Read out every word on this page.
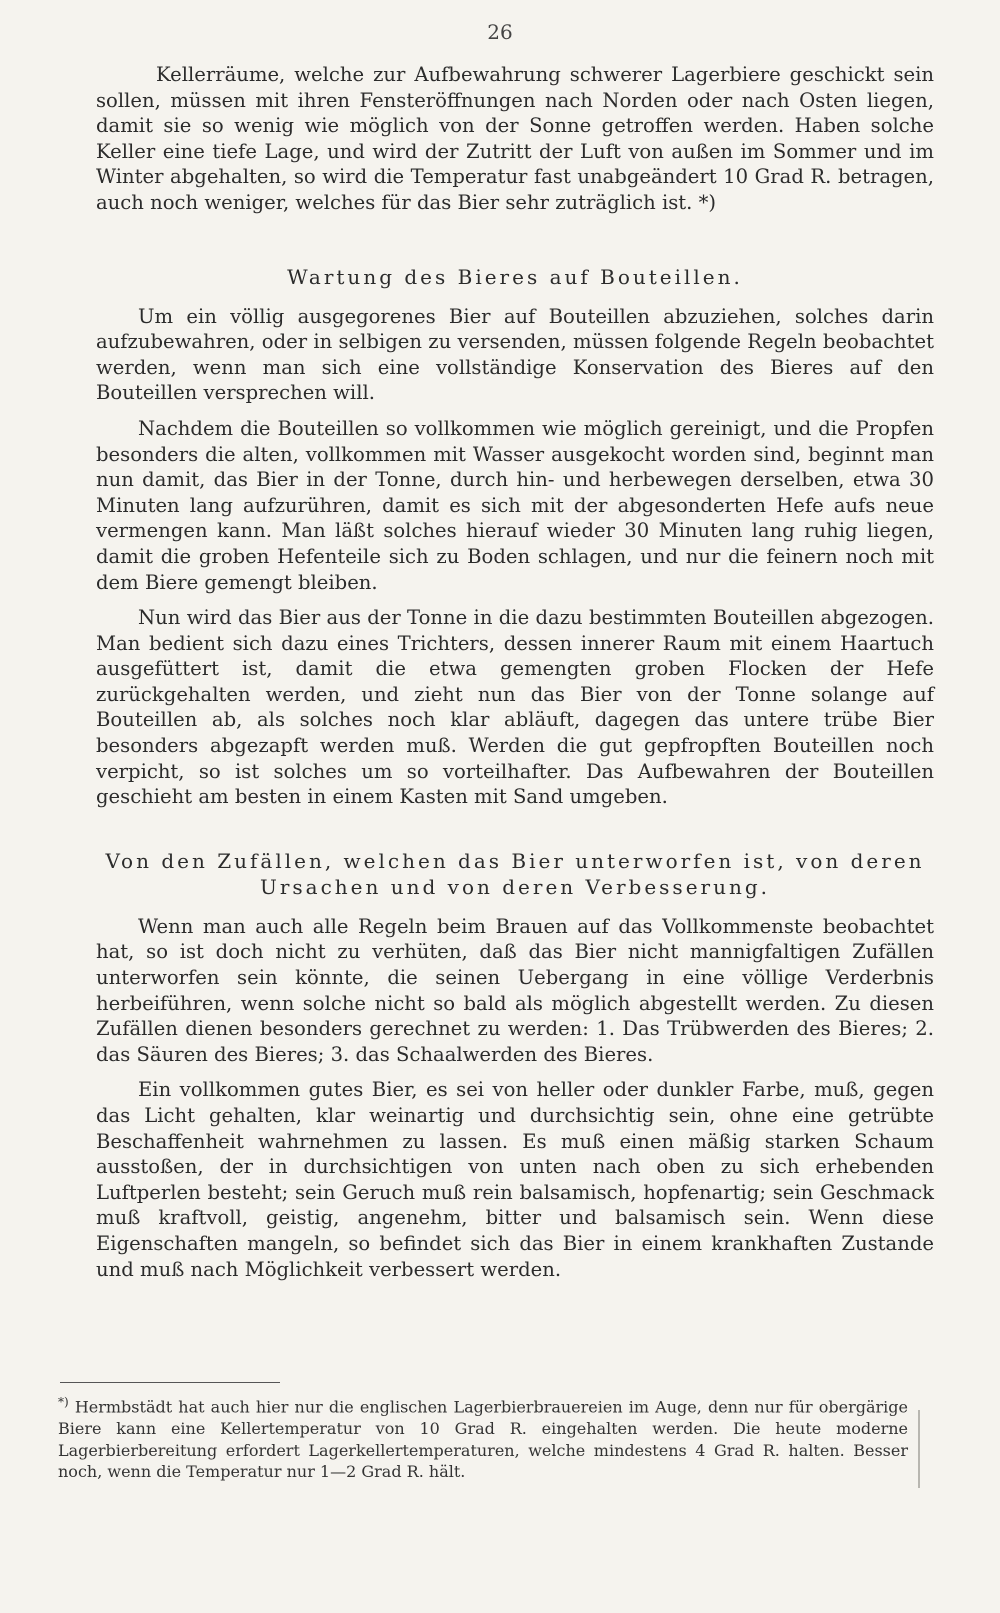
26

Kellerräume, welche zur Aufbewahrung schwerer Lagerbiere geschickt sein sollen, müssen mit ihren Fensteröffnungen nach Norden oder nach Osten liegen, damit sie so wenig wie möglich von der Sonne getroffen werden. Haben solche Keller eine tiefe Lage, und wird der Zutritt der Luft von außen im Sommer und im Winter abgehalten, so wird die Temperatur fast unabgeändert 10 Grad R. betragen, auch noch weniger, welches für das Bier sehr zuträglich ist. *)

Wartung des Bieres auf Bouteillen.

Um ein völlig ausgegorenes Bier auf Bouteillen abzuziehen, solches darin aufzubewahren, oder in selbigen zu versenden, müssen folgende Regeln beobachtet werden, wenn man sich eine vollständige Konservation des Bieres auf den Bouteillen versprechen will.

Nachdem die Bouteillen so vollkommen wie möglich gereinigt, und die Propfen besonders die alten, vollkommen mit Wasser ausgekocht worden sind, beginnt man nun damit, das Bier in der Tonne, durch hin- und herbewegen derselben, etwa 30 Minuten lang aufzurühren, damit es sich mit der abgesonderten Hefe aufs neue vermengen kann. Man läßt solches hierauf wieder 30 Minuten lang ruhig liegen, damit die groben Hefenteile sich zu Boden schlagen, und nur die feinern noch mit dem Biere gemengt bleiben.

Nun wird das Bier aus der Tonne in die dazu bestimmten Bouteillen abgezogen. Man bedient sich dazu eines Trichters, dessen innerer Raum mit einem Haartuch ausgefüttert ist, damit die etwa gemengten groben Flocken der Hefe zurückgehalten werden, und zieht nun das Bier von der Tonne solange auf Bouteillen ab, als solches noch klar abläuft, dagegen das untere trübe Bier besonders abgezapft werden muß. Werden die gut gepfropften Bouteillen noch verpicht, so ist solches um so vorteilhafter. Das Aufbewahren der Bouteillen geschieht am besten in einem Kasten mit Sand umgeben.

Von den Zufällen, welchen das Bier unterworfen ist, von deren
Ursachen und von deren Verbesserung.

Wenn man auch alle Regeln beim Brauen auf das Vollkommenste beobachtet hat, so ist doch nicht zu verhüten, daß das Bier nicht mannigfaltigen Zufällen unterworfen sein könnte, die seinen Uebergang in eine völlige Verderbnis herbeiführen, wenn solche nicht so bald als möglich abgestellt werden. Zu diesen Zufällen dienen besonders gerechnet zu werden: 1. Das Trübwerden des Bieres; 2. das Säuren des Bieres; 3. das Schaalwerden des Bieres.

Ein vollkommen gutes Bier, es sei von heller oder dunkler Farbe, muß, gegen das Licht gehalten, klar weinartig und durchsichtig sein, ohne eine getrübte Beschaffenheit wahrnehmen zu lassen. Es muß einen mäßig starken Schaum ausstoßen, der in durchsichtigen von unten nach oben zu sich erhebenden Luftperlen besteht; sein Geruch muß rein balsamisch, hopfenartig; sein Geschmack muß kraftvoll, geistig, angenehm, bitter und balsamisch sein. Wenn diese Eigenschaften mangeln, so befindet sich das Bier in einem krankhaften Zustande und muß nach Möglichkeit verbessert werden.

*) Hermbstädt hat auch hier nur die englischen Lagerbierbrauereien im Auge, denn nur für obergärige Biere kann eine Kellertemperatur von 10 Grad R. eingehalten werden. Die heute moderne Lagerbierbereitung erfordert Lagerkellertemperaturen, welche mindestens 4 Grad R. halten. Besser noch, wenn die Temperatur nur 1—2 Grad R. hält.
